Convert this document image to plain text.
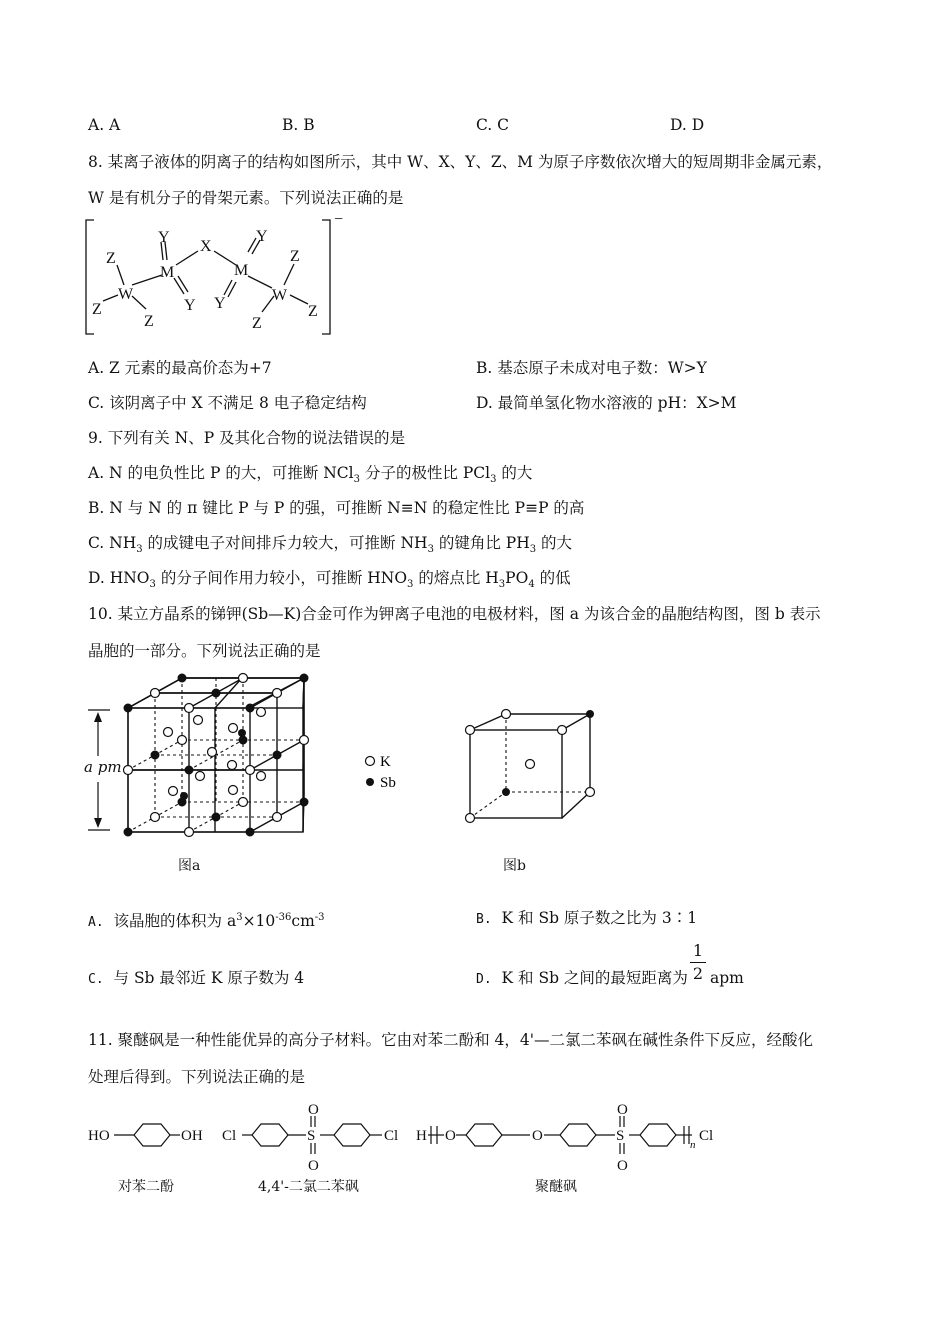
A. A	B. B	C. C	D. D
8. 某离子液体的阴离子的结构如图所示，其中 W、X、Y、Z、M 为原子序数依次增大的短周期非金属元素，
W 是有机分子的骨架元素。下列说法正确的是
Z
Z
Z
W
Y
M
Y
X
M
Y
Y	W
Z
Z
Z
−
A. Z 元素的最高价态为+7	B. 基态原子未成对电子数：W>Y
C. 该阴离子中 X 不满足 8 电子稳定结构	D. 最简单氢化物水溶液的 pH：X>M
9. 下列有关 N、P 及其化合物的说法错误的是
A. N 的电负性比 P 的大，可推断 NCl$_3$ 分子的极性比 PCl$_3$ 的大
B. N 与 N 的 π 键比 P 与 P 的强，可推断 N≡N 的稳定性比 P≡P 的高
C. $NH_3$ 的成键电子对间排斥力较大，可推断 $NH_3$ 的键角比 $PH_3$ 的大
D. $HNO_3$ 的分子间作用力较小，可推断 $HNO_3$ 的熔点比 $H_3PO_4$ 的低
10. 某立方晶系的锑钾(Sb—K)合金可作为钾离子电池的电极材料，图 a 为该合金的晶胞结构图，图 b 表示
晶胞的一部分。下列说法正确的是
a pm	K
Sb
图a	图b
A. 该晶胞的体积为 $a^3\times 10^{-36}cm^{-3}$	B. K 和 Sb 原子数之比为 3∶1
C. 与 Sb 最邻近 K 原子数为 4	D. K 和 Sb 之间的最短距离为 $\frac{1}{2}$ apm
11. 聚醚砜是一种性能优异的高分子材料。它由对苯二酚和 4，4'—二氯二苯砜在碱性条件下反应，经酸化
处理后得到。下列说法正确的是
HO	OH Cl	S
O
O
Cl H O	O	S
O
O
n
Cl
对苯二酚	4,4'-二氯二苯砜	聚醚砜
